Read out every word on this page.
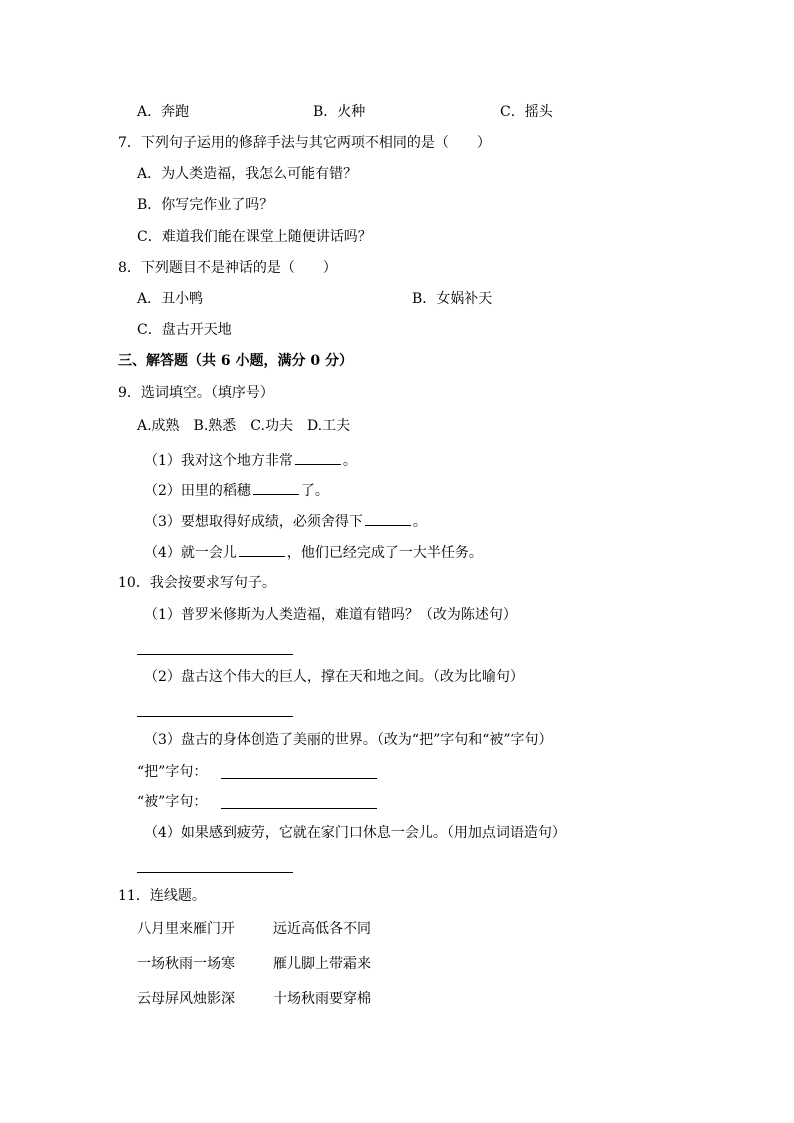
A．奔跑	B．火种	C．摇头
7．下列句子运用的修辞手法与其它两项不相同的是（　　）
A．为人类造福，我怎么可能有错？
B．你写完作业了吗？
C．难道我们能在课堂上随便讲话吗？
8．下列题目不是神话的是（　　）
A．丑小鸭	B．女娲补天
C．盘古开天地
三、解答题（共 6 小题，满分 0 分）
9．选词填空。（填序号）
A.成熟　B.熟悉　C.功夫　D.工夫
（1）我对这个地方非常	。
（2）田里的稻穗	了。
（3）要想取得好成绩，必须舍得下	。
（4）就一会儿	，他们已经完成了一大半任务。
10．我会按要求写句子。
（1）普罗米修斯为人类造福，难道有错吗？（改为陈述句）
（2）盘古这个伟大的巨人，撑在天和地之间。（改为比喻句）
（3）盘古的身体创造了美丽的世界。（改为“把”字句和“被”字句）
“把”字句：
“被”字句：
（4）如果感到疲劳，它就在家门口休息一会儿。（用加点词语造句）
11．连线题。
八月里来雁门开	远近高低各不同
一场秋雨一场寒	雁儿脚上带霜来
云母屏风烛影深	十场秋雨要穿棉
